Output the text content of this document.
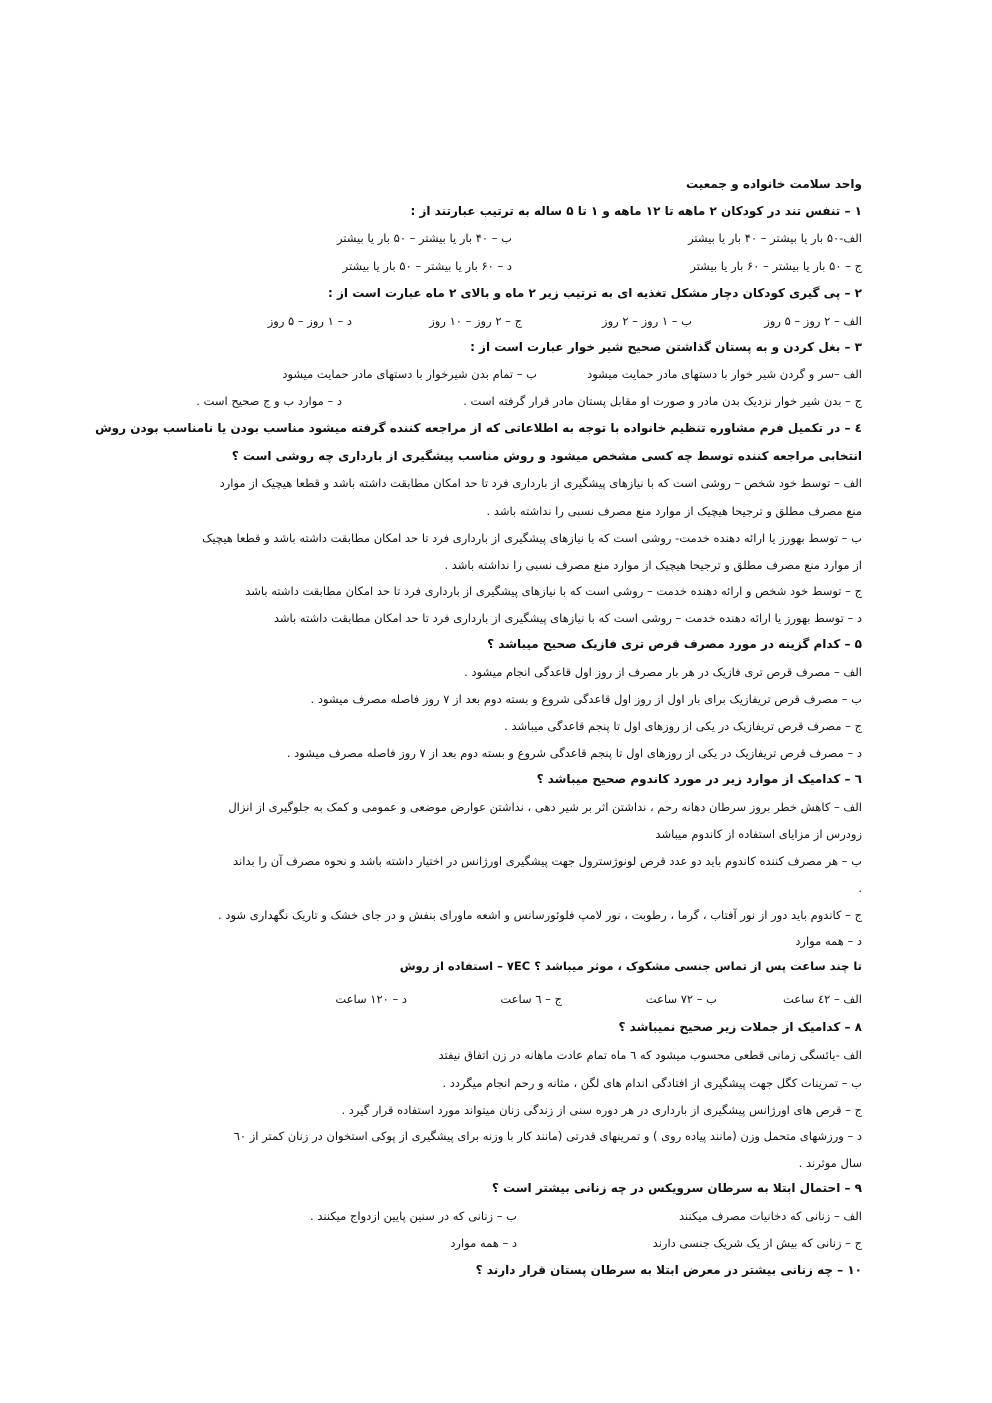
واحد سلامت خانواده و جمعیت
۱ – تنفس تند در کودکان ۲ ماهه تا ۱۲ ماهه و ۱ تا ۵ ساله به ترتیب عبارتند از :
الف-۵۰ بار یا بیشتر – ۴۰ بار یا بیشتر
ب – ۴۰ بار یا بیشتر – ۵۰ بار یا بیشتر
ج – ۵۰ بار یا بیشتر – ۶۰ بار یا بیشتر
د – ۶۰ بار یا بیشتر – ۵۰ بار یا بیشتر
۲ – پی گیری کودکان دچار مشکل تغذیه ای به ترتیب زیر ۲ ماه و بالای ۲ ماه عبارت است از :
الف – ۲ روز – ۵ روز
ب – ۱ روز – ۲ روز
ج – ۲ روز – ۱۰ روز
د – ۱ روز – ۵ روز
۳ – بغل کردن و به پستان گذاشتن صحیح شیر خوار عبارت است از :
الف –سر و گردن شیر خوار با دستهای مادر حمایت میشود
ب – تمام بدن شیرخوار با دستهای مادر حمایت میشود
ج – بدن شیر خوار نزدیک بدن مادر و صورت او مقابل پستان مادر قرار گرفته است .
د – موارد ب و ج صحیح است .
٤ – در تکمیل فرم مشاوره تنظیم خانواده با توجه به اطلاعاتی که از مراجعه کننده گرفته میشود مناسب بودن یا نامناسب بودن روش
انتخابی مراجعه کننده توسط چه کسی مشخص میشود و روش مناسب پیشگیری از بارداری چه روشی است ؟
الف – توسط خود شخص – روشی است که با نیازهای پیشگیری از بارداری فرد تا حد امکان مطابقت داشته باشد و قطعا هیچیک از موارد
منع مصرف مطلق و ترجیحا هیچیک از موارد منع مصرف نسبی را نداشته باشد .
ب – توسط بهورز یا ارائه دهنده خدمت- روشی است که با نیازهای پیشگیری از بارداری فرد تا حد امکان مطابقت داشته باشد و قطعا هیچیک
از موارد منع مصرف مطلق و ترجیحا هیچیک از موارد منع مصرف نسبی را نداشته باشد .
ج – توسط خود شخص و ارائه دهنده خدمت – روشی است که با نیازهای پیشگیری از بارداری فرد تا حد امکان مطابقت داشته باشد
د – توسط بهورز یا ارائه دهنده خدمت – روشی است که با نیازهای پیشگیری از بارداری فرد تا حد امکان مطابقت داشته باشد
۵ – کدام گزینه در مورد مصرف قرص تری فازیک صحیح میباشد ؟
الف – مصرف قرص تری فازیک در هر بار مصرف از روز اول قاعدگی انجام میشود .
ب – مصرف قرص تریفازیک برای بار اول از روز اول قاعدگی شروع و بسته دوم بعد از ۷ روز فاصله مصرف میشود .
ج – مصرف قرص تریفازیک در یکی از روزهای اول تا پنجم قاعدگی میباشد .
د – مصرف قرص تریفازیک در یکی از روزهای اول تا پنجم قاعدگی شروع و بسته دوم بعد از ۷ روز فاصله مصرف میشود .
٦ – کدامیک از موارد زیر در مورد کاندوم صحیح میباشد ؟
الف – کاهش خطر بروز سرطان دهانه رحم ، نداشتن اثر بر شیر دهی ، نداشتن عوارض موضعی و عمومی و کمک به جلوگیری از انزال
زودرس از مزایای استفاده از کاندوم میباشد
ب – هر مصرف کننده کاندوم باید دو عدد قرص لونوژسترول جهت پیشگیری اورژانس در اختیار داشته باشد و نحوه مصرف آن را بداند
.
ج – کاندوم باید دور از نور آفتاب ، گرما ، رطوبت ، نور لامپ فلوئورسانس و اشعه ماورای بنفش و در جای خشک و تاریک نگهداری شود .
د – همه موارد
تا چند ساعت پس از تماس جنسی مشکوک ، موثر میباشد ؟ ۷EC – استفاده از روش
الف – ٤۲ ساعت
ب – ۷۲ ساعت
ج – ٦ ساعت
د – ۱۲۰ ساعت
۸ – کدامیک از جملات زیر صحیح نمیباشد ؟
الف -یائسگی زمانی قطعی محسوب میشود که ٦ ماه تمام عادت ماهانه در زن اتفاق نیفتد
ب – تمرینات کگل جهت پیشگیری از افتادگی اندام های لگن ، مثانه و رحم انجام میگردد .
ج – قرص های اورژانس پیشگیری از بارداری در هر دوره سنی از زندگی زنان میتواند مورد استفاده قرار گیرد .
د – ورزشهای متحمل وزن (مانند پیاده روی ) و تمرینهای قدرتی (مانند کار با وزنه برای پیشگیری از پوکی استخوان در زنان کمتر از ٦۰
سال موثرند .
۹ – احتمال ابتلا به سرطان سرویکس در چه زنانی بیشتر است ؟
الف – زنانی که دخانیات مصرف میکنند
ب – زنانی که در سنین پایین ازدواج میکنند .
ج – زنانی که بیش از یک شریک جنسی دارند
د – همه موارد
۱۰ – چه زنانی بیشتر در معرض ابتلا به سرطان پستان قرار دارند ؟
